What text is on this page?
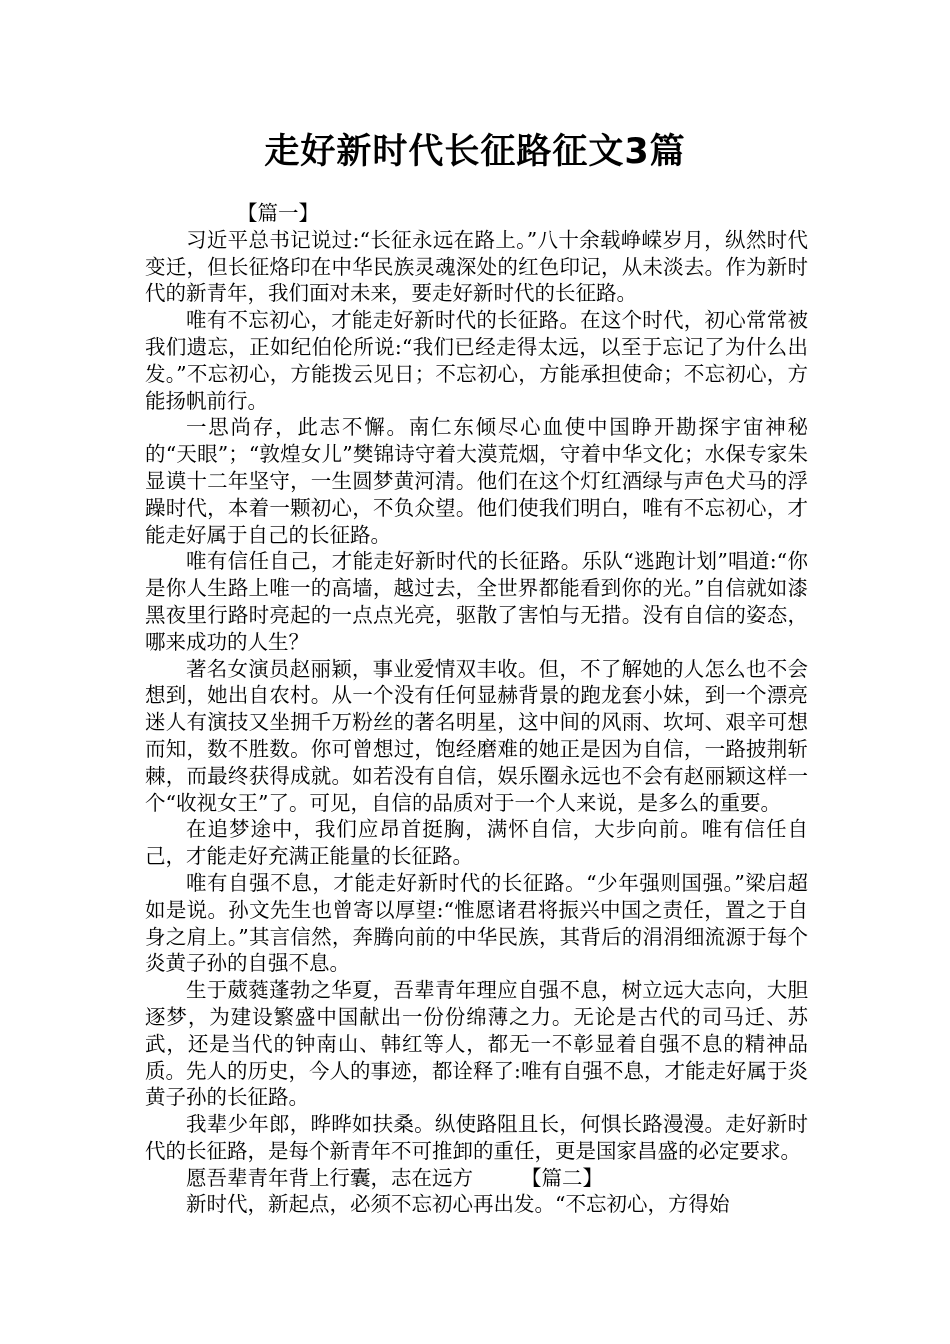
走好新时代长征路征文3篇

【篇一】

习近平总书记说过:“长征永远在路上。”八十余载峥嵘岁月，纵然时代变迁，但长征烙印在中华民族灵魂深处的红色印记，从未淡去。作为新时代的新青年，我们面对未来，要走好新时代的长征路。

唯有不忘初心，才能走好新时代的长征路。在这个时代，初心常常被我们遗忘，正如纪伯伦所说:“我们已经走得太远，以至于忘记了为什么出发。”不忘初心，方能拨云见日；不忘初心，方能承担使命；不忘初心，方能扬帆前行。

一思尚存，此志不懈。南仁东倾尽心血使中国睁开勘探宇宙神秘的“天眼”；“敦煌女儿”樊锦诗守着大漠荒烟，守着中华文化；水保专家朱显谟十二年坚守，一生圆梦黄河清。他们在这个灯红酒绿与声色犬马的浮躁时代，本着一颗初心，不负众望。他们使我们明白，唯有不忘初心，才能走好属于自己的长征路。

唯有信任自己，才能走好新时代的长征路。乐队“逃跑计划”唱道:“你是你人生路上唯一的高墙，越过去，全世界都能看到你的光。”自信就如漆黑夜里行路时亮起的一点点光亮，驱散了害怕与无措。没有自信的姿态，哪来成功的人生？

著名女演员赵丽颖，事业爱情双丰收。但，不了解她的人怎么也不会想到，她出自农村。从一个没有任何显赫背景的跑龙套小妹，到一个漂亮迷人有演技又坐拥千万粉丝的著名明星，这中间的风雨、坎坷、艰辛可想而知，数不胜数。你可曾想过，饱经磨难的她正是因为自信，一路披荆斩棘，而最终获得成就。如若没有自信，娱乐圈永远也不会有赵丽颖这样一个“收视女王”了。可见，自信的品质对于一个人来说，是多么的重要。

在追梦途中，我们应昂首挺胸，满怀自信，大步向前。唯有信任自己，才能走好充满正能量的长征路。

唯有自强不息，才能走好新时代的长征路。“少年强则国强。”梁启超如是说。孙文先生也曾寄以厚望:“惟愿诸君将振兴中国之责任，置之于自身之肩上。”其言信然，奔腾向前的中华民族，其背后的涓涓细流源于每个炎黄子孙的自强不息。

生于葳蕤蓬勃之华夏，吾辈青年理应自强不息，树立远大志向，大胆逐梦，为建设繁盛中国献出一份份绵薄之力。无论是古代的司马迁、苏武，还是当代的钟南山、韩红等人，都无一不彰显着自强不息的精神品质。先人的历史，今人的事迹，都诠释了:唯有自强不息，才能走好属于炎黄子孙的长征路。

我辈少年郎，晔晔如扶桑。纵使路阻且长，何惧长路漫漫。走好新时代的长征路，是每个新青年不可推卸的重任，更是国家昌盛的必定要求。

愿吾辈青年背上行囊，志在远方 【篇二】

新时代，新起点，必须不忘初心再出发。“不忘初心，方得始
